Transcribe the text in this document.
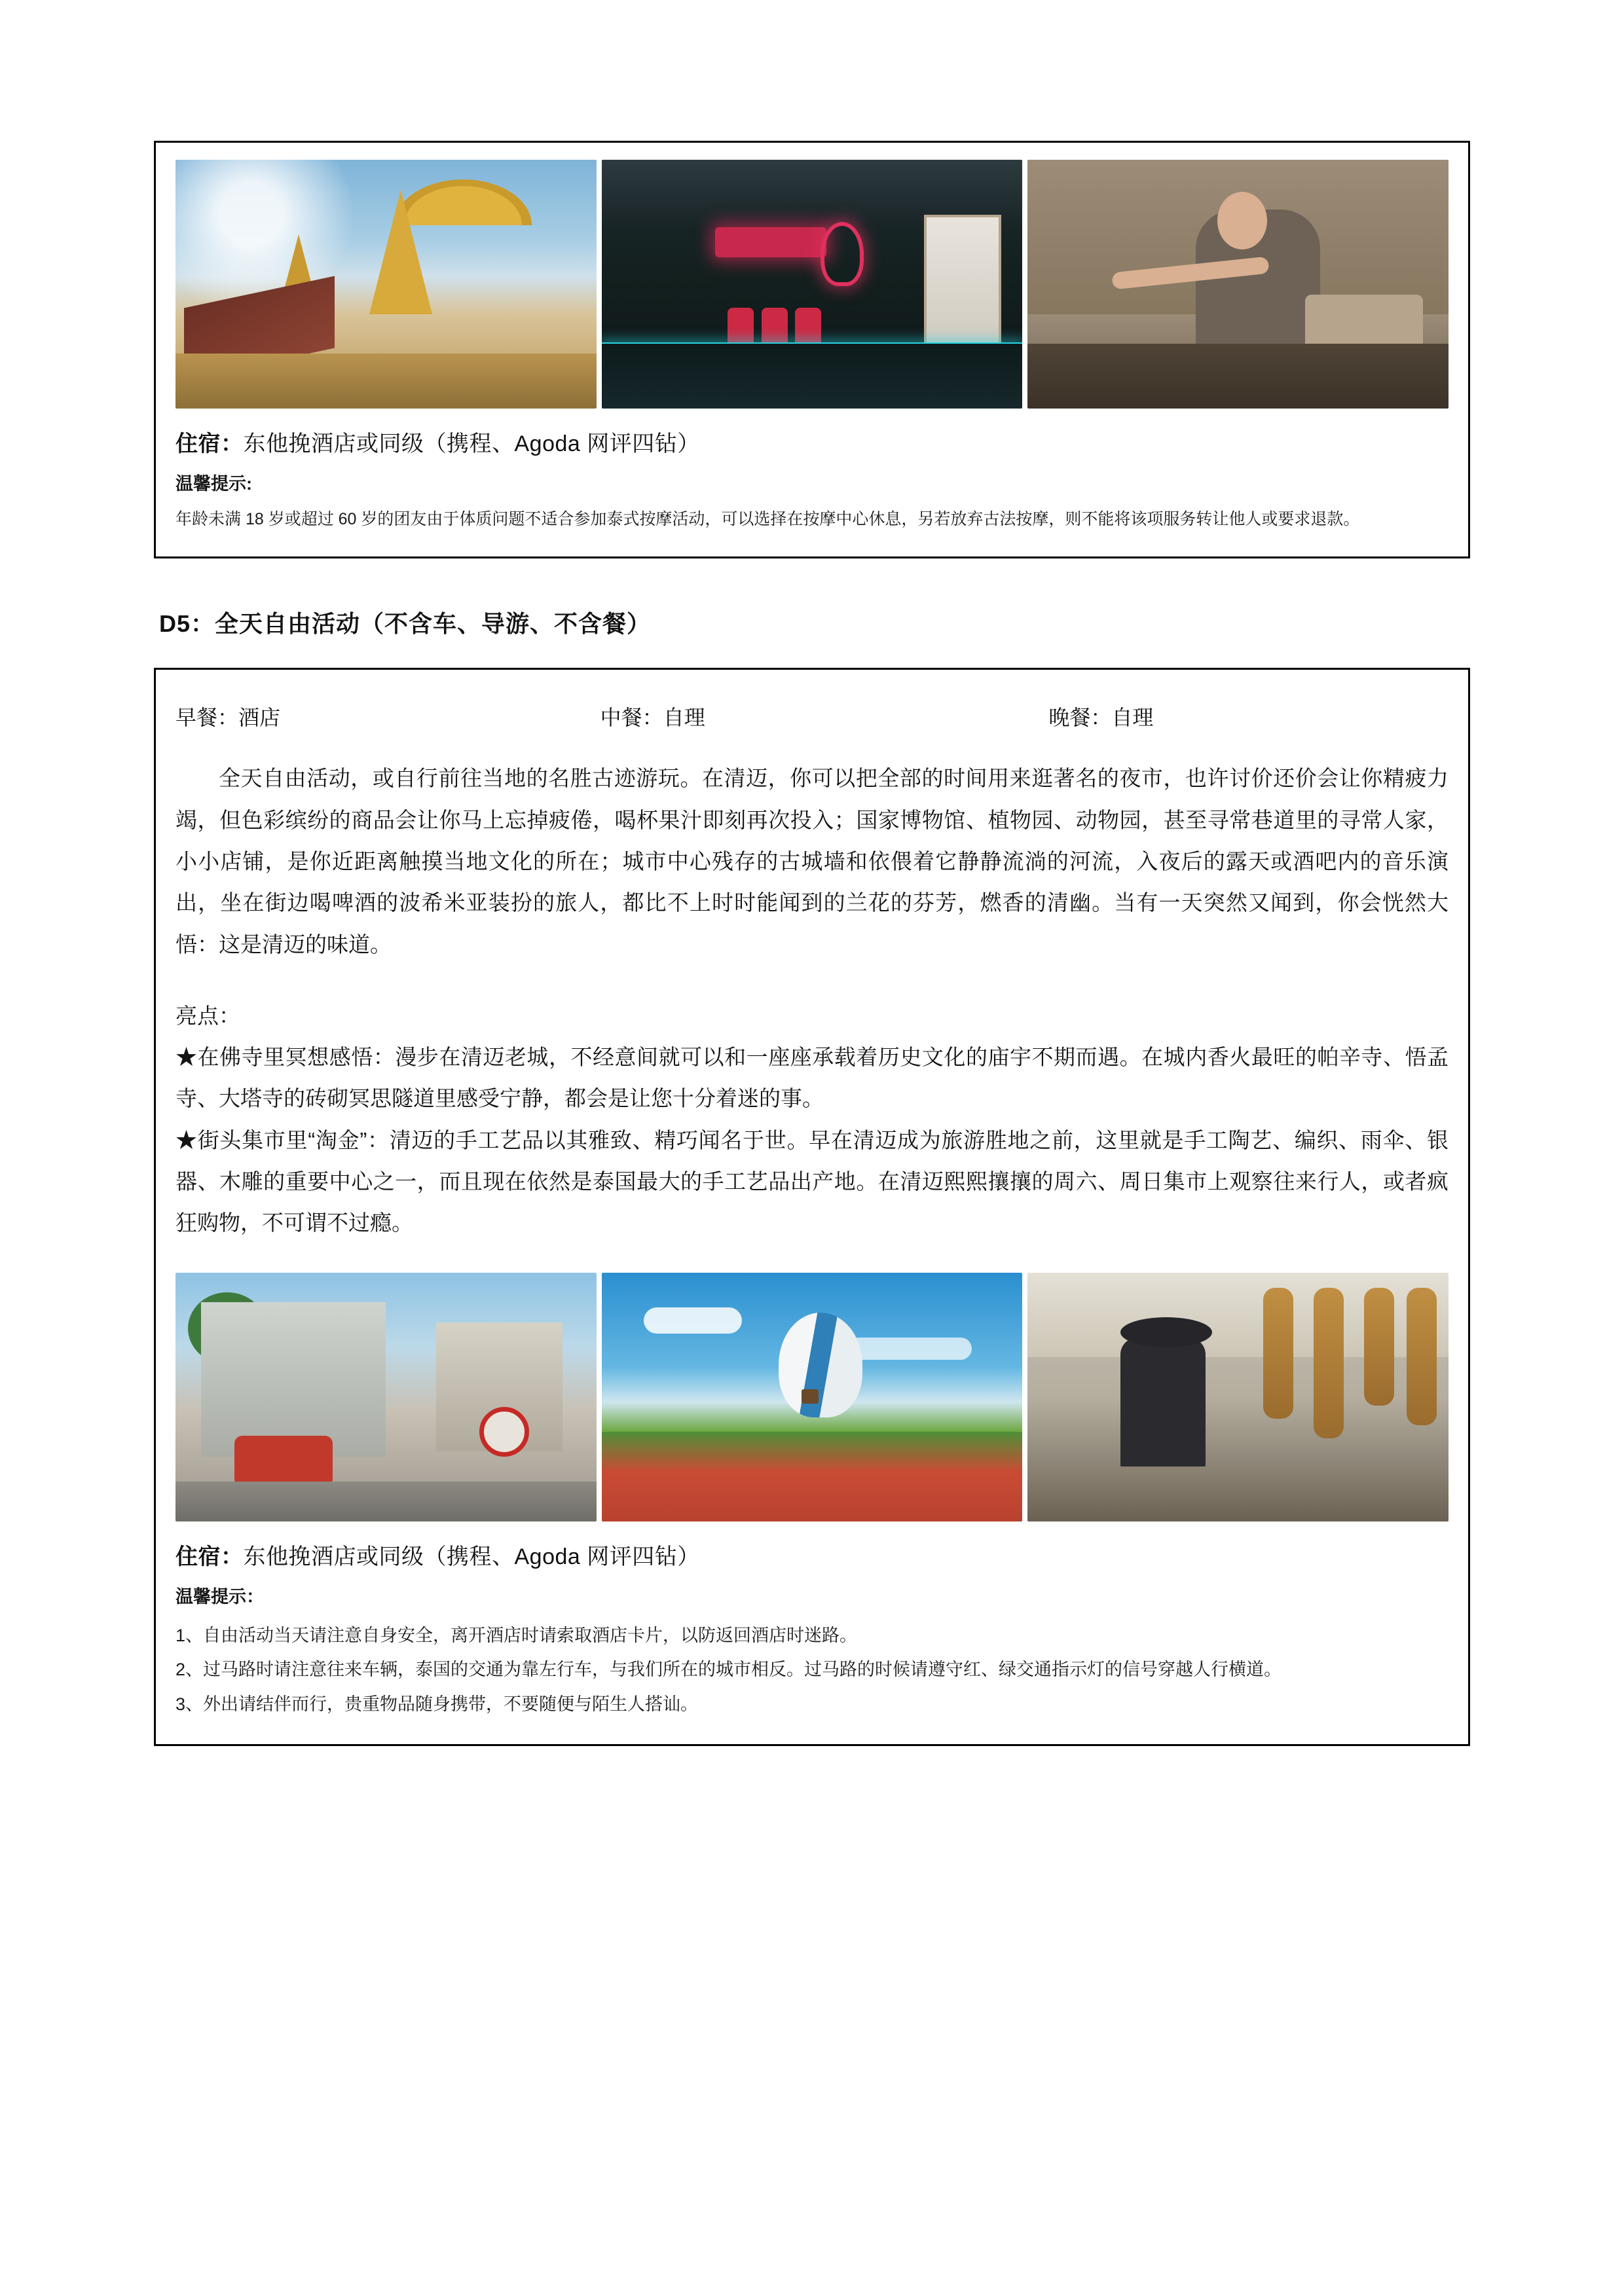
住宿：东他挽酒店或同级（携程、Agoda 网评四钻）
温馨提示:

年龄未满 18 岁或超过 60 岁的团友由于体质问题不适合参加泰式按摩活动，可以选择在按摩中心休息，另若放弃古法按摩，则不能将该项服务转让他人或要求退款。

D5：全天自由活动（不含车、导游、不含餐）
早餐：酒店	中餐：自理	晚餐：自理

全天自由活动，或自行前往当地的名胜古迹游玩。在清迈，你可以把全部的时间用来逛著名的夜市，也许讨价还价会让你精疲力竭，但色彩缤纷的商品会让你马上忘掉疲倦，喝杯果汁即刻再次投入；国家博物馆、植物园、动物园，甚至寻常巷道里的寻常人家，小小店铺，是你近距离触摸当地文化的所在；城市中心残存的古城墙和依偎着它静静流淌的河流，入夜后的露天或酒吧内的音乐演出，坐在街边喝啤酒的波希米亚装扮的旅人，都比不上时时能闻到的兰花的芬芳，燃香的清幽。当有一天突然又闻到，你会恍然大悟：这是清迈的味道。

亮点：

★在佛寺里冥想感悟：漫步在清迈老城，不经意间就可以和一座座承载着历史文化的庙宇不期而遇。在城内香火最旺的帕辛寺、悟孟寺、大塔寺的砖砌冥思隧道里感受宁静，都会是让您十分着迷的事。

★街头集市里“淘金”：清迈的手工艺品以其雅致、精巧闻名于世。早在清迈成为旅游胜地之前，这里就是手工陶艺、编织、雨伞、银器、木雕的重要中心之一，而且现在依然是泰国最大的手工艺品出产地。在清迈熙熙攘攘的周六、周日集市上观察往来行人，或者疯狂购物，不可谓不过瘾。

住宿：东他挽酒店或同级（携程、Agoda 网评四钻）
温馨提示：

1、自由活动当天请注意自身安全，离开酒店时请索取酒店卡片，以防返回酒店时迷路。

2、过马路时请注意往来车辆，泰国的交通为靠左行车，与我们所在的城市相反。过马路的时候请遵守红、绿交通指示灯的信号穿越人行横道。

3、外出请结伴而行，贵重物品随身携带，不要随便与陌生人搭讪。
